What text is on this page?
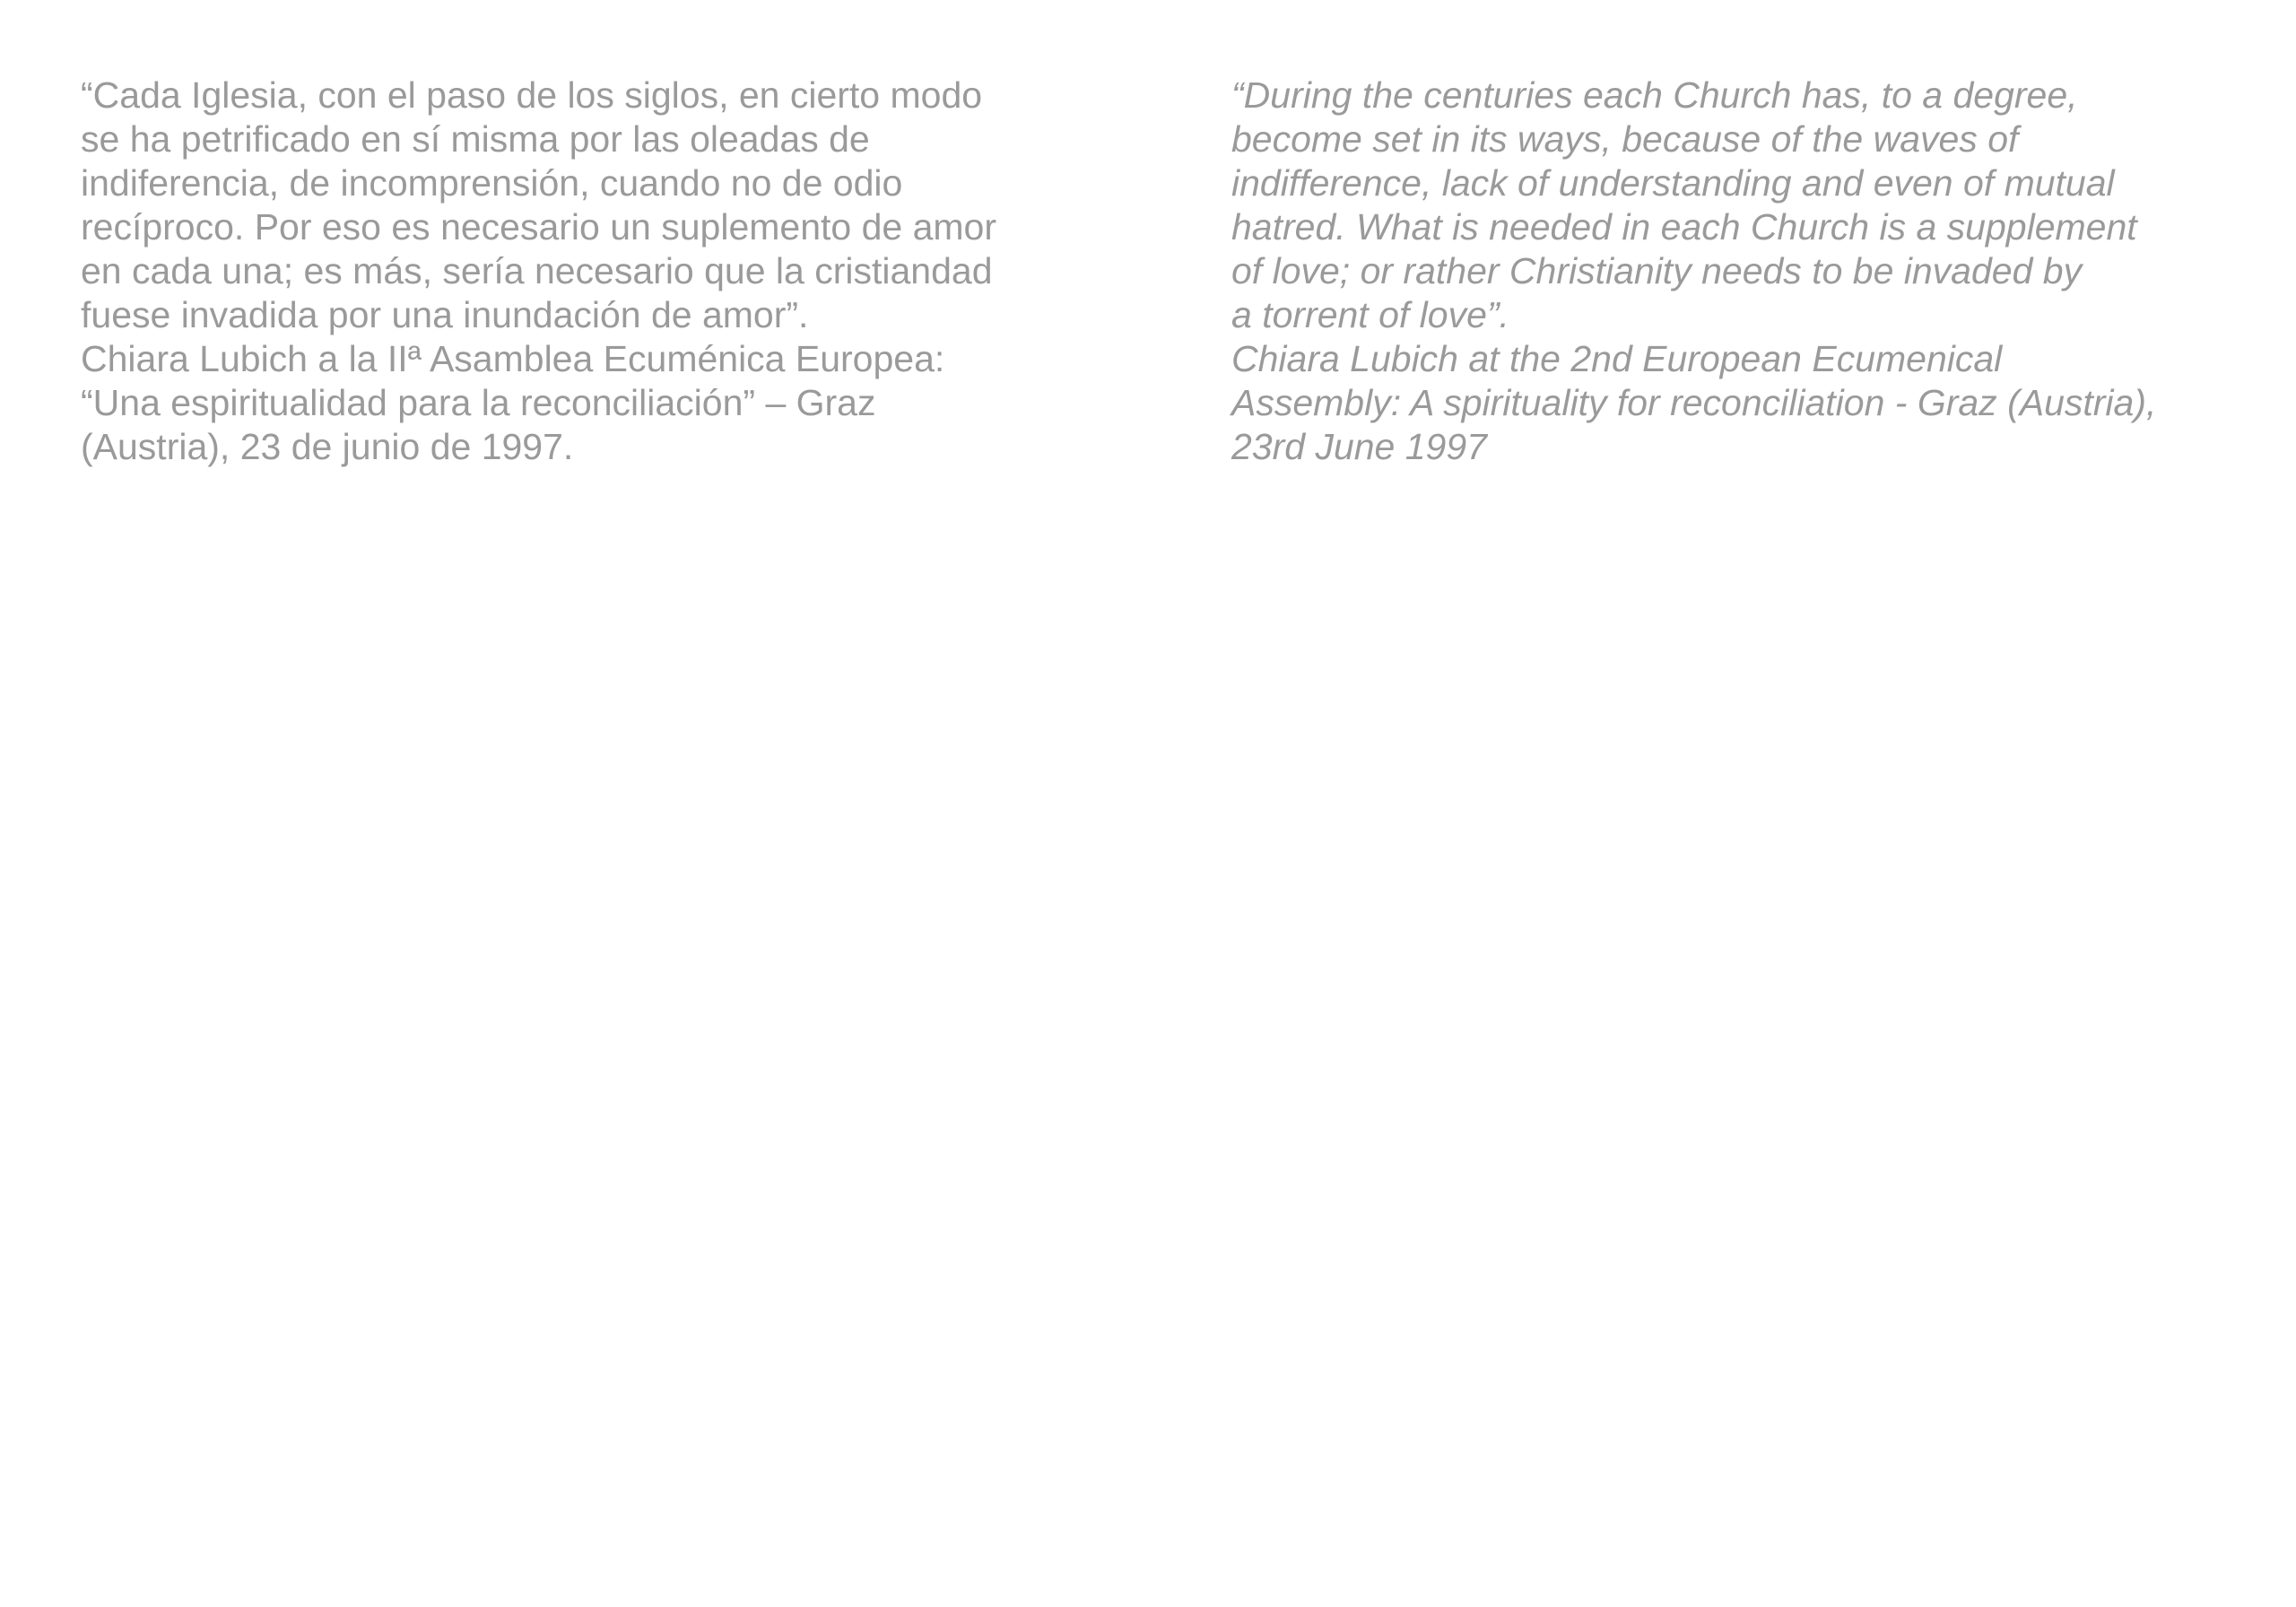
“Cada Iglesia, con el paso de los siglos, en cierto modo
se ha petrificado en sí misma por las oleadas de
indiferencia, de incomprensión, cuando no de odio
recíproco. Por eso es necesario un suplemento de amor
en cada una; es más, sería necesario que la cristiandad
fuese invadida por una inundación de amor”.
Chiara Lubich a la IIª Asamblea Ecuménica Europea:
“Una espiritualidad para la reconciliación” – Graz
(Austria), 23 de junio de 1997.
“During the centuries each Church has, to a degree,
become set in its ways, because of the waves of
indifference, lack of understanding and even of mutual
hatred. What is needed in each Church is a supplement
of love; or rather Christianity needs to be invaded by
a torrent of love”.
Chiara Lubich at the 2nd European Ecumenical
Assembly: A spirituality for reconciliation - Graz (Austria),
23rd June 1997
